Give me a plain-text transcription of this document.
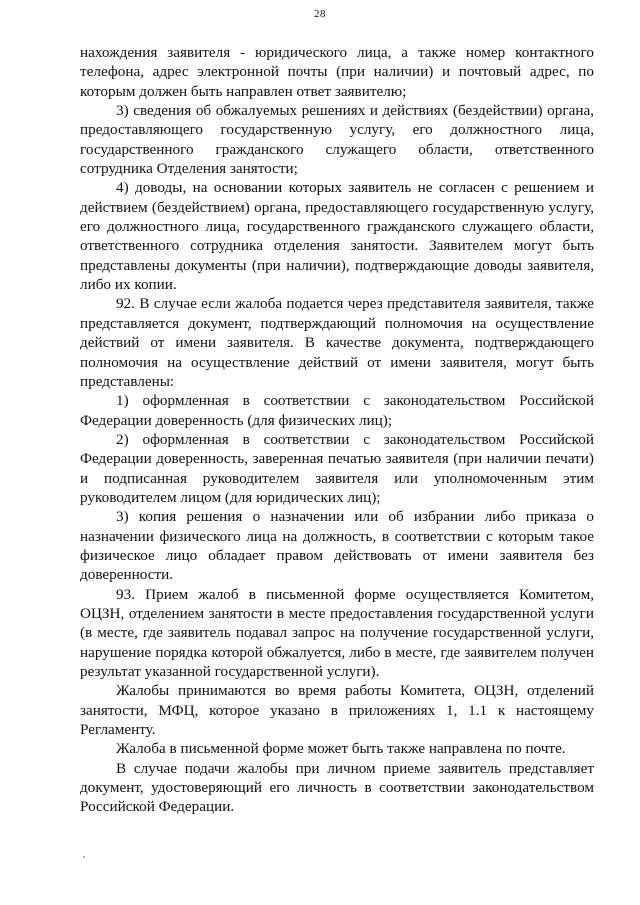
28

нахождения заявителя - юридического лица, а также номер контактного телефона, адрес электронной почты (при наличии) и почтовый адрес, по которым должен быть направлен ответ заявителю;

3) сведения об обжалуемых решениях и действиях (бездействии) органа, предоставляющего государственную услугу, его должностного лица, государственного гражданского служащего области, ответственного сотрудника Отделения занятости;

4) доводы, на основании которых заявитель не согласен с решением и действием (бездействием) органа, предоставляющего государственную услугу, его должностного лица, государственного гражданского служащего области, ответственного сотрудника отделения занятости. Заявителем могут быть представлены документы (при наличии), подтверждающие доводы заявителя, либо их копии.

92. В случае если жалоба подается через представителя заявителя, также представляется документ, подтверждающий полномочия на осуществление действий от имени заявителя. В качестве документа, подтверждающего полномочия на осуществление действий от имени заявителя, могут быть представлены:

1) оформленная в соответствии с законодательством Российской Федерации доверенность (для физических лиц);

2) оформленная в соответствии с законодательством Российской Федерации доверенность, заверенная печатью заявителя (при наличии печати) и подписанная руководителем заявителя или уполномоченным этим руководителем лицом (для юридических лиц);

3) копия решения о назначении или об избрании либо приказа о назначении физического лица на должность, в соответствии с которым такое физическое лицо обладает правом действовать от имени заявителя без доверенности.

93. Прием жалоб в письменной форме осуществляется Комитетом, ОЦЗН, отделением занятости в месте предоставления государственной услуги (в месте, где заявитель подавал запрос на получение государственной услуги, нарушение порядка которой обжалуется, либо в месте, где заявителем получен результат указанной государственной услуги).

Жалобы принимаются во время работы Комитета, ОЦЗН, отделений занятости, МФЦ, которое указано в приложениях 1, 1.1 к настоящему Регламенту.

Жалоба в письменной форме может быть также направлена по почте.

В случае подачи жалобы при личном приеме заявитель представляет документ, удостоверяющий его личность в соответствии законодательством Российской Федерации.
